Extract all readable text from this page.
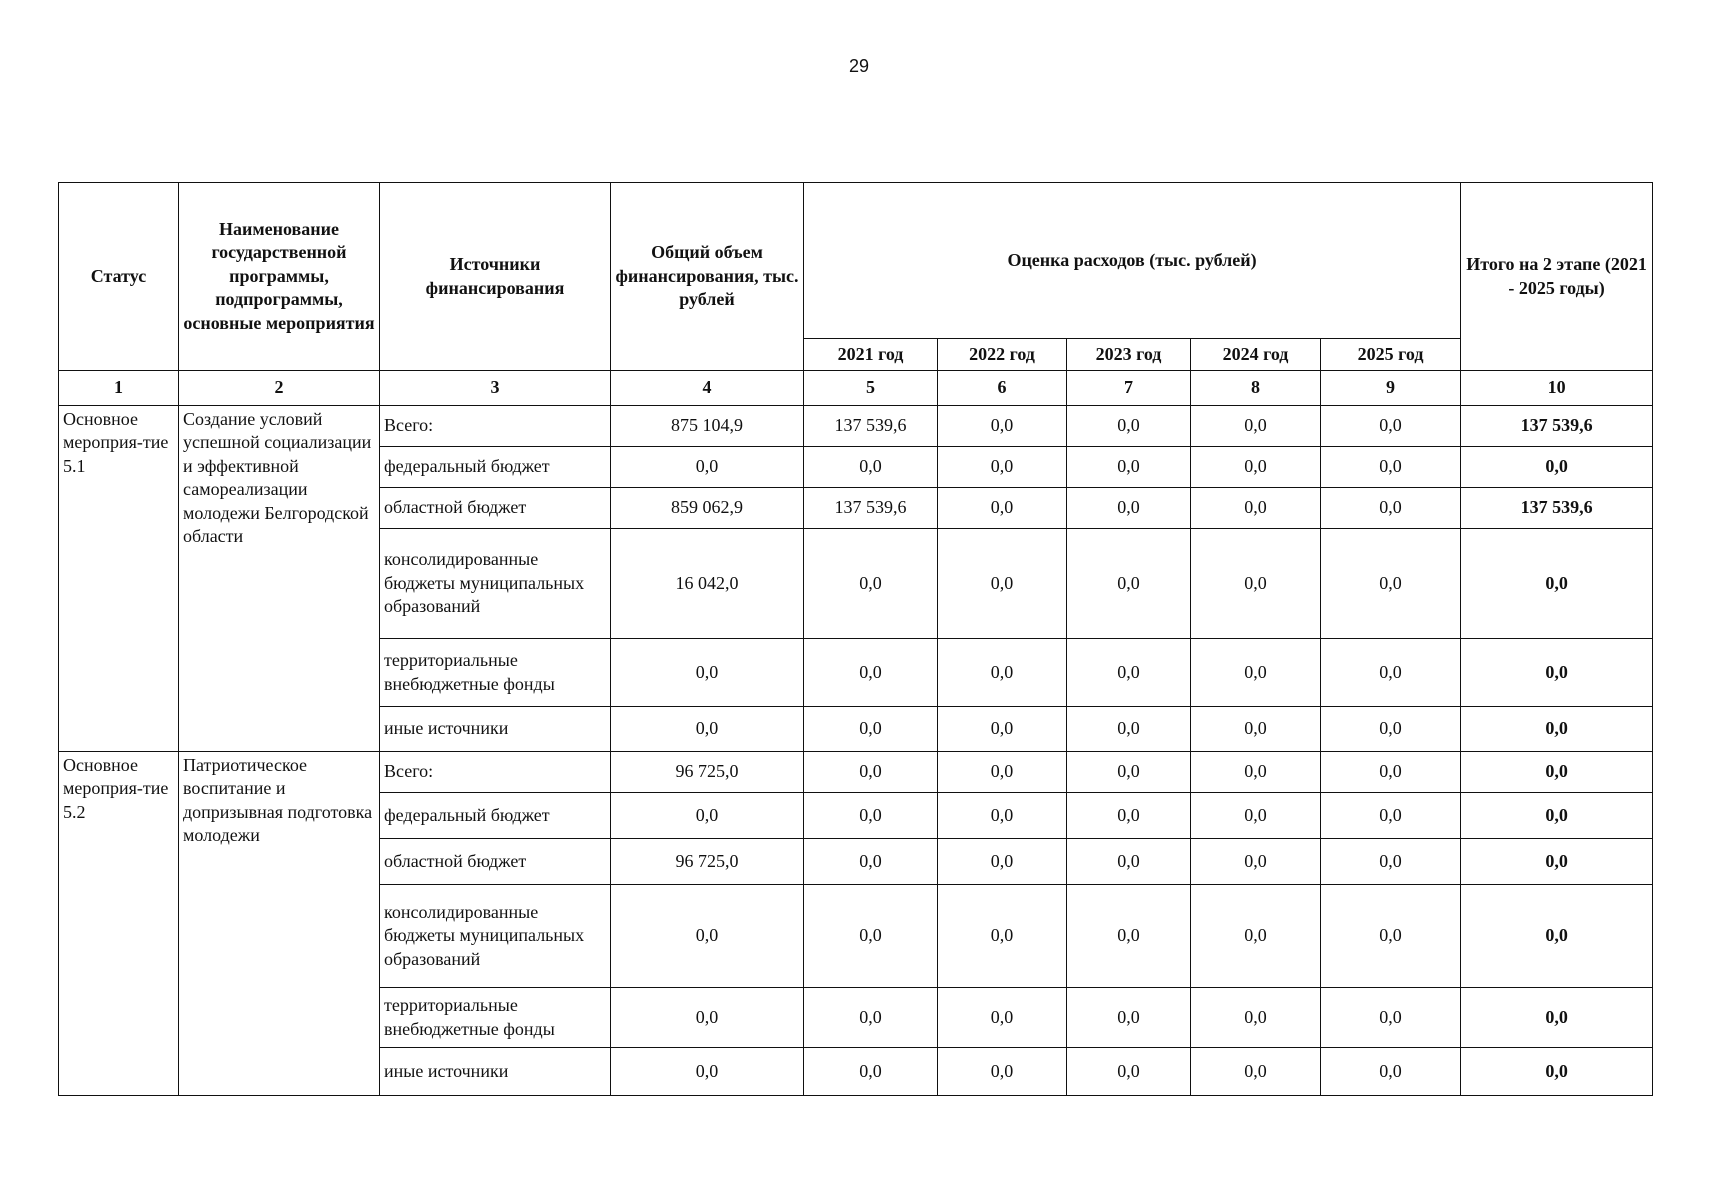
29
Статус	Наименование государственной программы, подпрограммы, основные мероприятия	Источники финансирования	Общий объем финансирования, тыс. рублей	Оценка расходов (тыс. рублей)					Итого на 2 этапе (2021 - 2025 годы)
				2021 год	2022 год	2023 год	2024 год	2025 год	
1	2	3	4	5	6	7	8	9	10
Основное мероприя-тие 5.1	Создание условий успешной социализации и эффективной самореализации молодежи Белгородской области	Всего:	875 104,9	137 539,6	0,0	0,0	0,0	0,0	137 539,6
		федеральный бюджет	0,0	0,0	0,0	0,0	0,0	0,0	0,0
		областной бюджет	859 062,9	137 539,6	0,0	0,0	0,0	0,0	137 539,6
		консолидированные бюджеты муниципальных образований	16 042,0	0,0	0,0	0,0	0,0	0,0	0,0
		территориальные внебюджетные фонды	0,0	0,0	0,0	0,0	0,0	0,0	0,0
		иные источники	0,0	0,0	0,0	0,0	0,0	0,0	0,0
Основное мероприя-тие 5.2	Патриотическое воспитание и допризывная подготовка молодежи	Всего:	96 725,0	0,0	0,0	0,0	0,0	0,0	0,0
		федеральный бюджет	0,0	0,0	0,0	0,0	0,0	0,0	0,0
		областной бюджет	96 725,0	0,0	0,0	0,0	0,0	0,0	0,0
		консолидированные бюджеты муниципальных образований	0,0	0,0	0,0	0,0	0,0	0,0	0,0
		территориальные внебюджетные фонды	0,0	0,0	0,0	0,0	0,0	0,0	0,0
		иные источники	0,0	0,0	0,0	0,0	0,0	0,0	0,0
